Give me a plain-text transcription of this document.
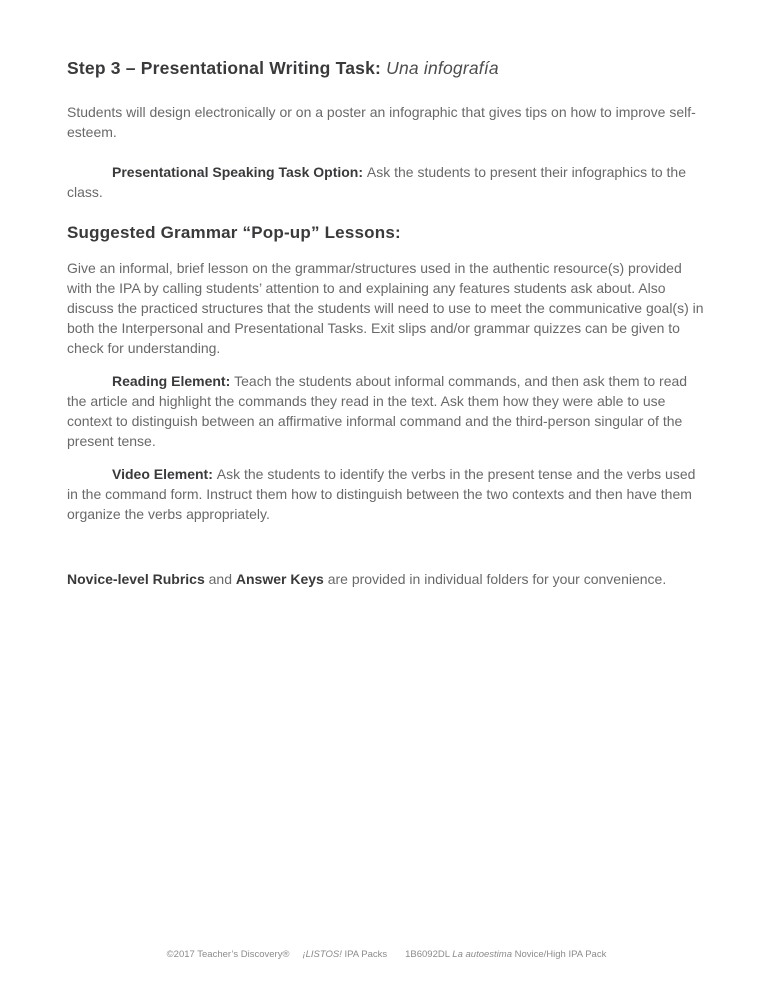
Step 3 – Presentational Writing Task: Una infografía

Students will design electronically or on a poster an infographic that gives tips on how to improve self-esteem.

Presentational Speaking Task Option: Ask the students to present their infographics to the class.

Suggested Grammar “Pop-up” Lessons:

Give an informal, brief lesson on the grammar/structures used in the authentic resource(s) provided with the IPA by calling students’ attention to and explaining any features students ask about. Also discuss the practiced structures that the students will need to use to meet the communicative goal(s) in both the Interpersonal and Presentational Tasks. Exit slips and/or grammar quizzes can be given to check for understanding.

Reading Element: Teach the students about informal commands, and then ask them to read the article and highlight the commands they read in the text. Ask them how they were able to use context to distinguish between an affirmative informal command and the third-person singular of the present tense.

Video Element: Ask the students to identify the verbs in the present tense and the verbs used in the command form. Instruct them how to distinguish between the two contexts and then have them organize the verbs appropriately.

Novice-level Rubrics and Answer Keys are provided in individual folders for your convenience.

©2017 Teacher’s Discovery® ¡LISTOS! IPA Packs 1B6092DL La autoestima Novice/High IPA Pack
